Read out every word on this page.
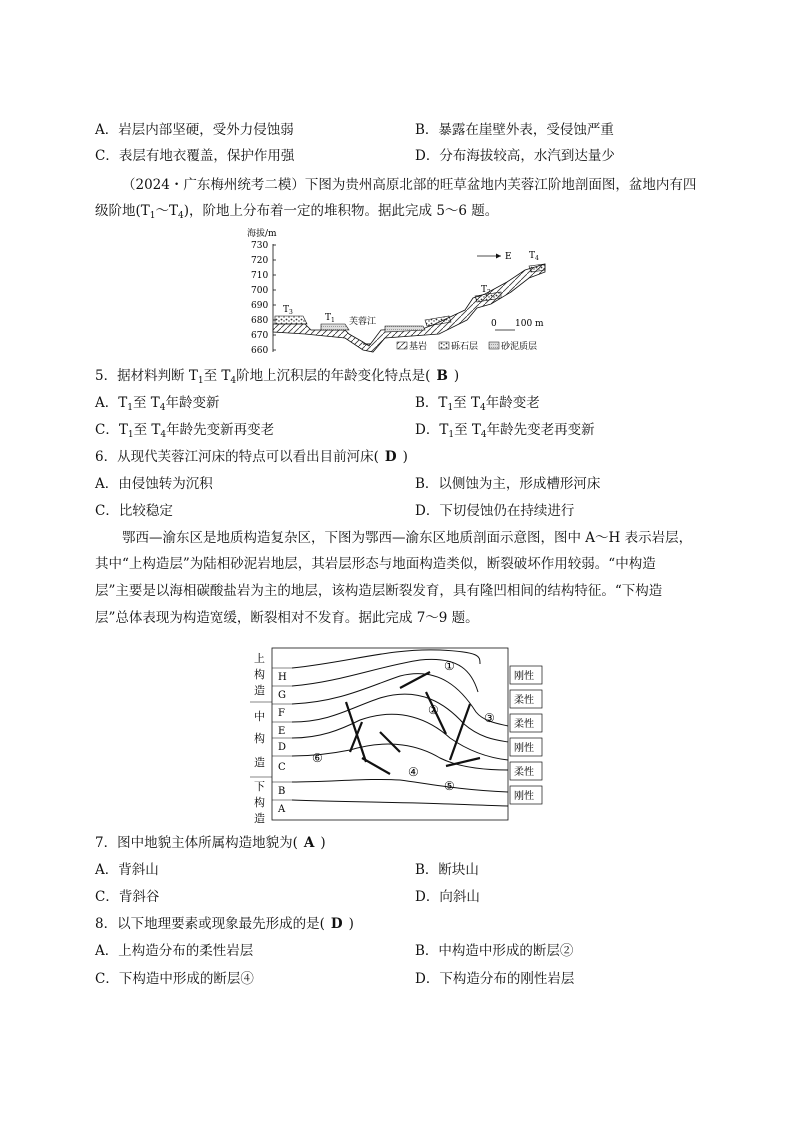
A．岩层内部坚硬，受外力侵蚀弱	B．暴露在崖壁外表，受侵蚀严重
C．表层有地衣覆盖，保护作用强	D．分布海拔较高，水汽到达量少
（2024・广东梅州统考二模）下图为贵州高原北部的旺草盆地内芙蓉江阶地剖面图，盆地内有四
级阶地$(T_1\sim T_4)$，阶地上分布着一定的堆积物。据此完成 5～6 题。
海拔/m
730
720
710
700
690
680
670
660
$T_3$
$T_1$
$T_2$
$T_4$
芙蓉江
E
0 100 m
基岩	砾石层	砂泥质层
5．据材料判断 $T_1$至 $T_4$阶地上沉积层的年龄变化特点是( B )
A．$T_1$至 $T_4$年龄变新	B．$T_1$至 $T_4$年龄变老
C．$T_1$至 $T_4$年龄先变新再变老	D．$T_1$至 $T_4$年龄先变老再变新
6．从现代芙蓉江河床的特点可以看出目前河床( D )
A．由侵蚀转为沉积	B．以侧蚀为主，形成槽形河床
C．比较稳定	D．下切侵蚀仍在持续进行
鄂西—渝东区是地质构造复杂区，下图为鄂西—渝东区地质剖面示意图，图中 A～H 表示岩层，
其中“上构造层”为陆相砂泥岩地层，其岩层形态与地面构造类似，断裂破坏作用较弱。“中构造
层”主要是以海相碳酸盐岩为主的地层，该构造层断裂发育，具有隆凹相间的结构特征。“下构造
层”总体表现为构造宽缓，断裂相对不发育。据此完成 7～9 题。
上
构
造
中
构
造
下
构
造
H
G
F
E
D
C
B
A
①
②
③
④
⑤
⑥
刚性
柔性
柔性
刚性
柔性
刚性
7．图中地貌主体所属构造地貌为( A )
A．背斜山	B．断块山
C．背斜谷	D．向斜山
8．以下地理要素或现象最先形成的是( D )
A．上构造分布的柔性岩层	B．中构造中形成的断层②
C．下构造中形成的断层④	D．下构造分布的刚性岩层
